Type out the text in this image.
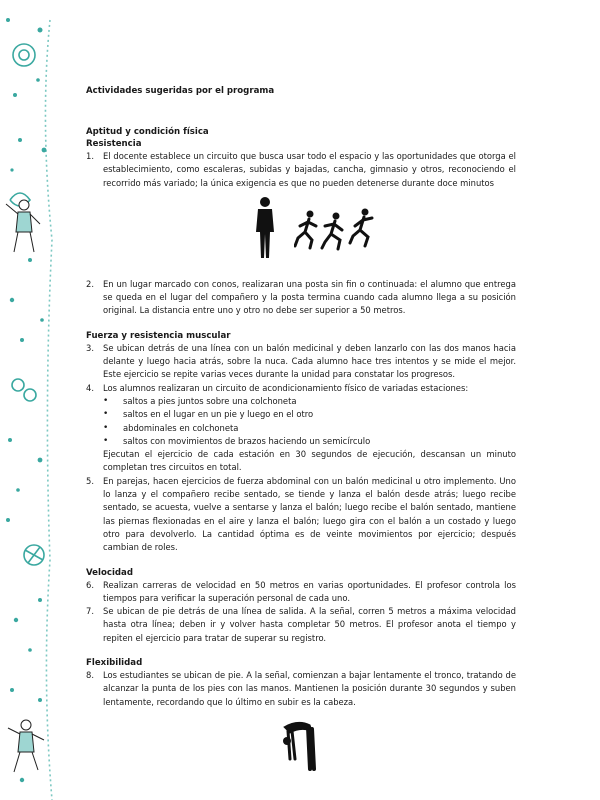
Actividades sugeridas por el programa

Aptitud y condición física

Resistencia

1.	El docente establece un circuito que busca usar todo el espacio y las oportunidades que otorga el establecimiento, como escaleras, subidas y bajadas, cancha, gimnasio y otros, reconociendo el recorrido más variado; la única exigencia es que no pueden detenerse durante doce minutos
2.	En un lugar marcado con conos, realizaran una posta sin fin o continuada: el alumno que entrega se queda en el lugar del compañero y la posta termina cuando cada alumno llega a su posición original. La distancia entre uno y otro no debe ser superior a 50 metros.

Fuerza y resistencia muscular

3.	Se ubican detrás de una línea con un balón medicinal y deben lanzarlo con las dos manos hacia delante y luego hacia atrás, sobre la nuca. Cada alumno hace tres intentos y se mide el mejor. Este ejercicio se repite varias veces durante la unidad para constatar los progresos.
4.	Los alumnos realizaran un circuito de acondicionamiento físico de variadas estaciones:
•	saltos a pies juntos sobre una colchoneta
•	saltos en el lugar en un pie y luego en el otro
•	abdominales en colchoneta
•	saltos con movimientos de brazos haciendo un semicírculo
Ejecutan el ejercicio de cada estación en 30 segundos de ejecución, descansan un minuto completan tres circuitos en total.
5.	En parejas, hacen ejercicios de fuerza abdominal con un balón medicinal u otro implemento. Uno lo lanza y el compañero recibe sentado, se tiende y lanza el balón desde atrás; luego recibe sentado, se acuesta, vuelve a sentarse y lanza el balón; luego recibe el balón sentado, mantiene las piernas flexionadas en el aire y lanza el balón; luego gira con el balón a un costado y luego otro para devolverlo. La cantidad óptima es de veinte movimientos por ejercicio; después cambian de roles.

Velocidad

6.	Realizan carreras de velocidad en 50 metros en varias oportunidades. El profesor controla los tiempos para verificar la superación personal de cada uno.
7.	Se ubican de pie detrás de una línea de salida. A la señal, corren 5 metros a máxima velocidad hasta otra línea; deben ir y volver hasta completar 50 metros. El profesor anota el tiempo y repiten el ejercicio para tratar de superar su registro.

Flexibilidad

8.	Los estudiantes se ubican de pie. A la señal, comienzan a bajar lentamente el tronco, tratando de alcanzar la punta de los pies con las manos. Mantienen la posición durante 30 segundos y suben lentamente, recordando que lo último en subir es la cabeza.
